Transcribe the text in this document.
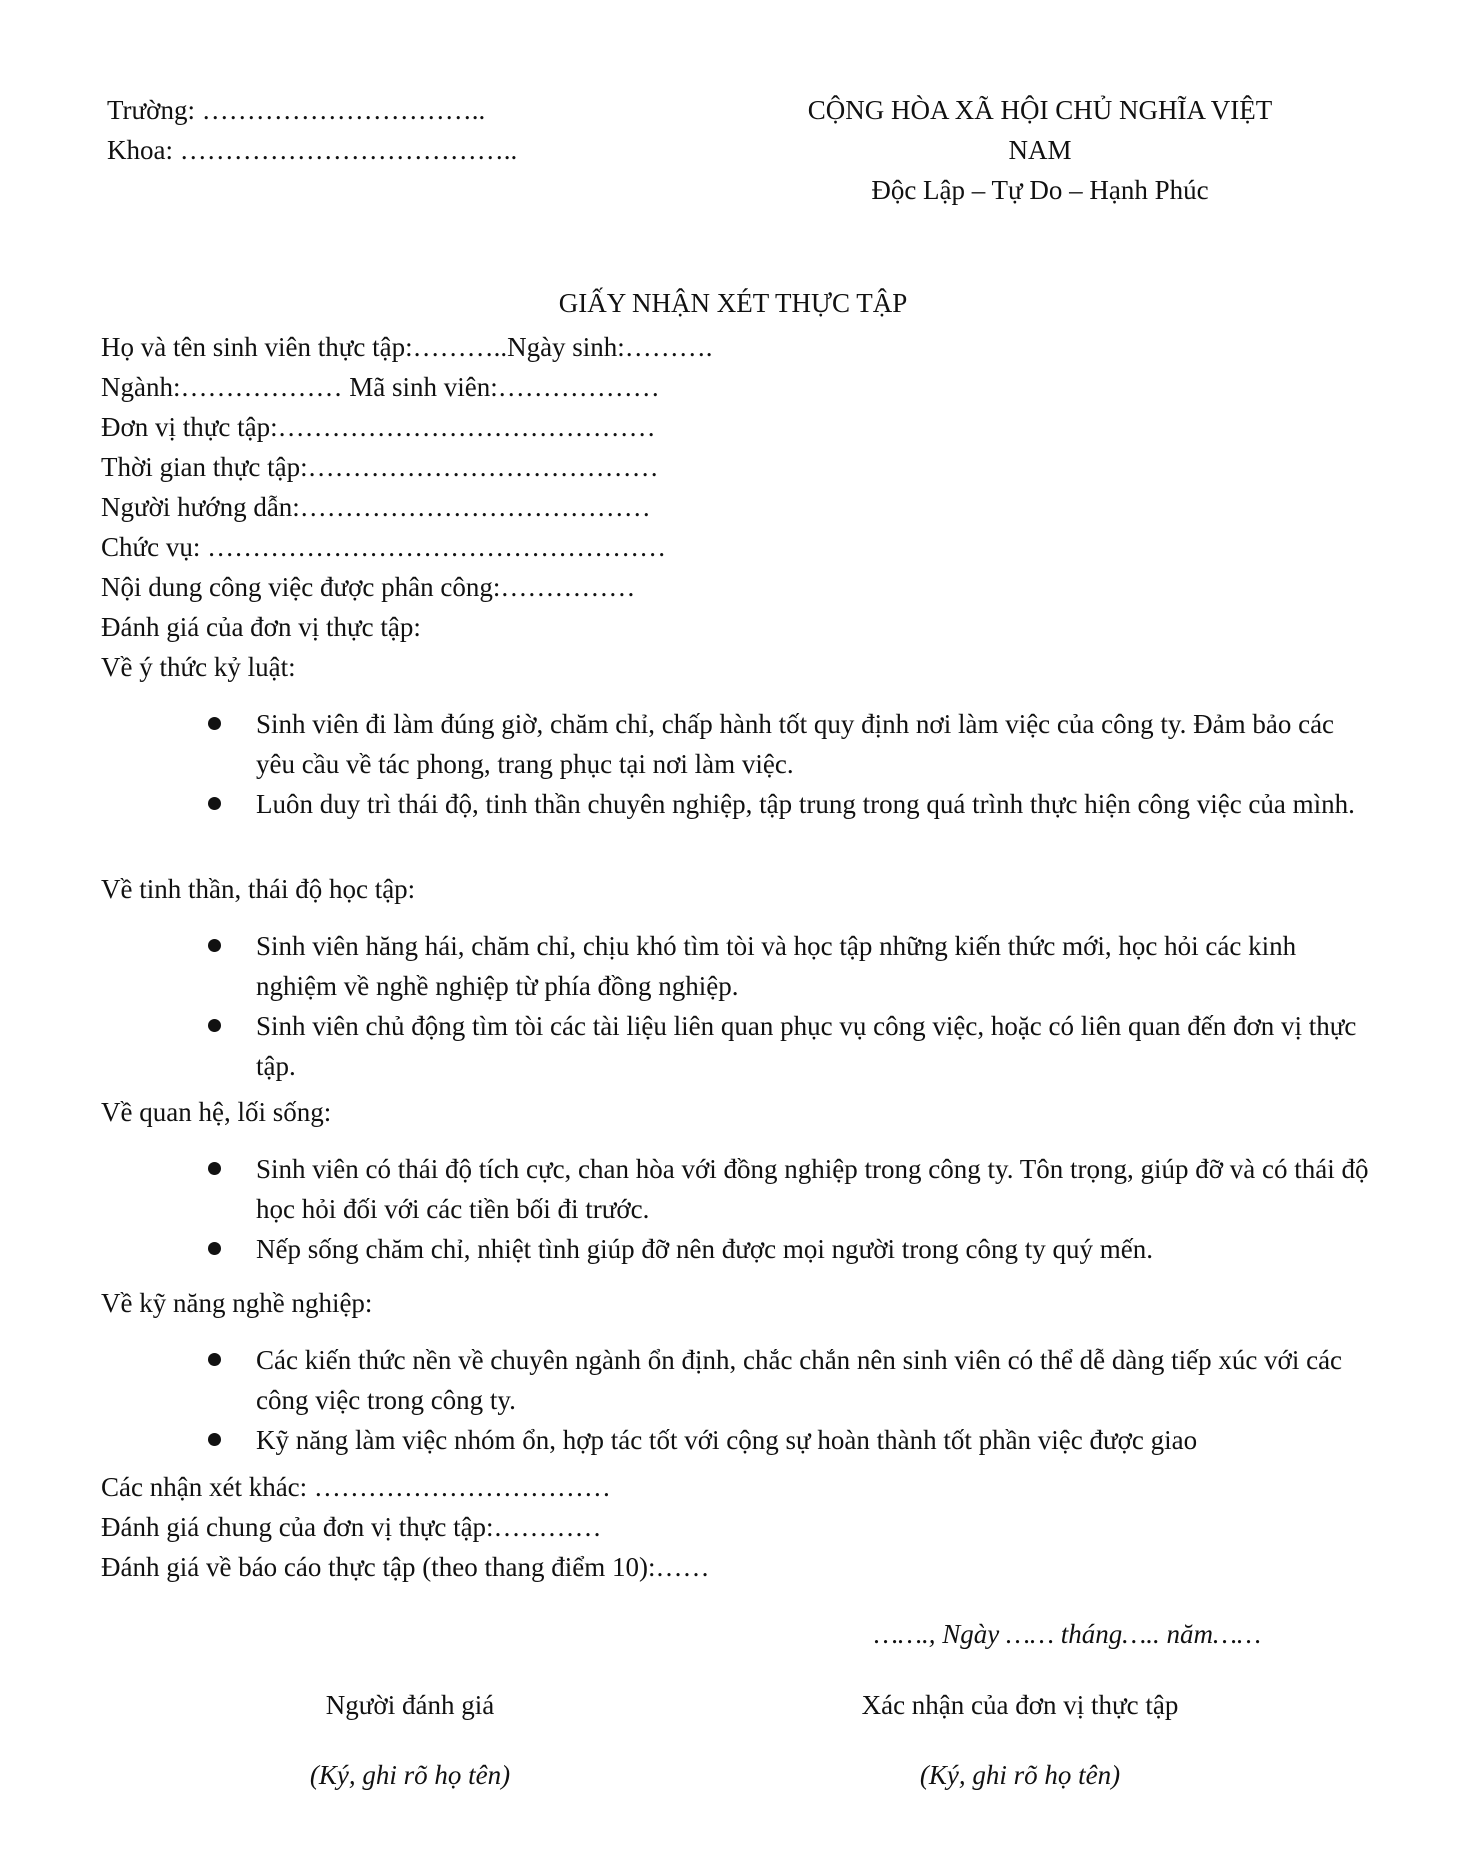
Trường: …………………………..
Khoa: ………………………………..
CỘNG HÒA XÃ HỘI CHỦ NGHĨA VIỆT
NAM
Độc Lập – Tự Do – Hạnh Phúc
GIẤY NHẬN XÉT THỰC TẬP
Họ và tên sinh viên thực tập:………..Ngày sinh:……….
Ngành:……………… Mã sinh viên:………………
Đơn vị thực tập:……………………………………
Thời gian thực tập:…………………………………
Người hướng dẫn:…………………………………
Chức vụ: ……………………………………………
Nội dung công việc được phân công:……………
Đánh giá của đơn vị thực tập:
Về ý thức kỷ luật:
Sinh viên đi làm đúng giờ, chăm chỉ, chấp hành tốt quy định nơi làm việc của công ty. Đảm bảo các yêu cầu về tác phong, trang phục tại nơi làm việc.
Luôn duy trì thái độ, tinh thần chuyên nghiệp, tập trung trong quá trình thực hiện công việc của mình.
Về tinh thần, thái độ học tập:
Sinh viên hăng hái, chăm chỉ, chịu khó tìm tòi và học tập những kiến thức mới, học hỏi các kinh nghiệm về nghề nghiệp từ phía đồng nghiệp.
Sinh viên chủ động tìm tòi các tài liệu liên quan phục vụ công việc, hoặc có liên quan đến đơn vị thực tập.
Về quan hệ, lối sống:
Sinh viên có thái độ tích cực, chan hòa với đồng nghiệp trong công ty. Tôn trọng, giúp đỡ và có thái độ học hỏi đối với các tiền bối đi trước.
Nếp sống chăm chỉ, nhiệt tình giúp đỡ nên được mọi người trong công ty quý mến.
Về kỹ năng nghề nghiệp:
Các kiến thức nền về chuyên ngành ổn định, chắc chắn nên sinh viên có thể dễ dàng tiếp xúc với các công việc trong công ty.
Kỹ năng làm việc nhóm ổn, hợp tác tốt với cộng sự hoàn thành tốt phần việc được giao
Các nhận xét khác: ……………………………
Đánh giá chung của đơn vị thực tập:…………
Đánh giá về báo cáo thực tập (theo thang điểm 10):……
……., Ngày …… tháng….. năm……
Người đánh giá
(Ký, ghi rõ họ tên)
Xác nhận của đơn vị thực tập
(Ký, ghi rõ họ tên)
